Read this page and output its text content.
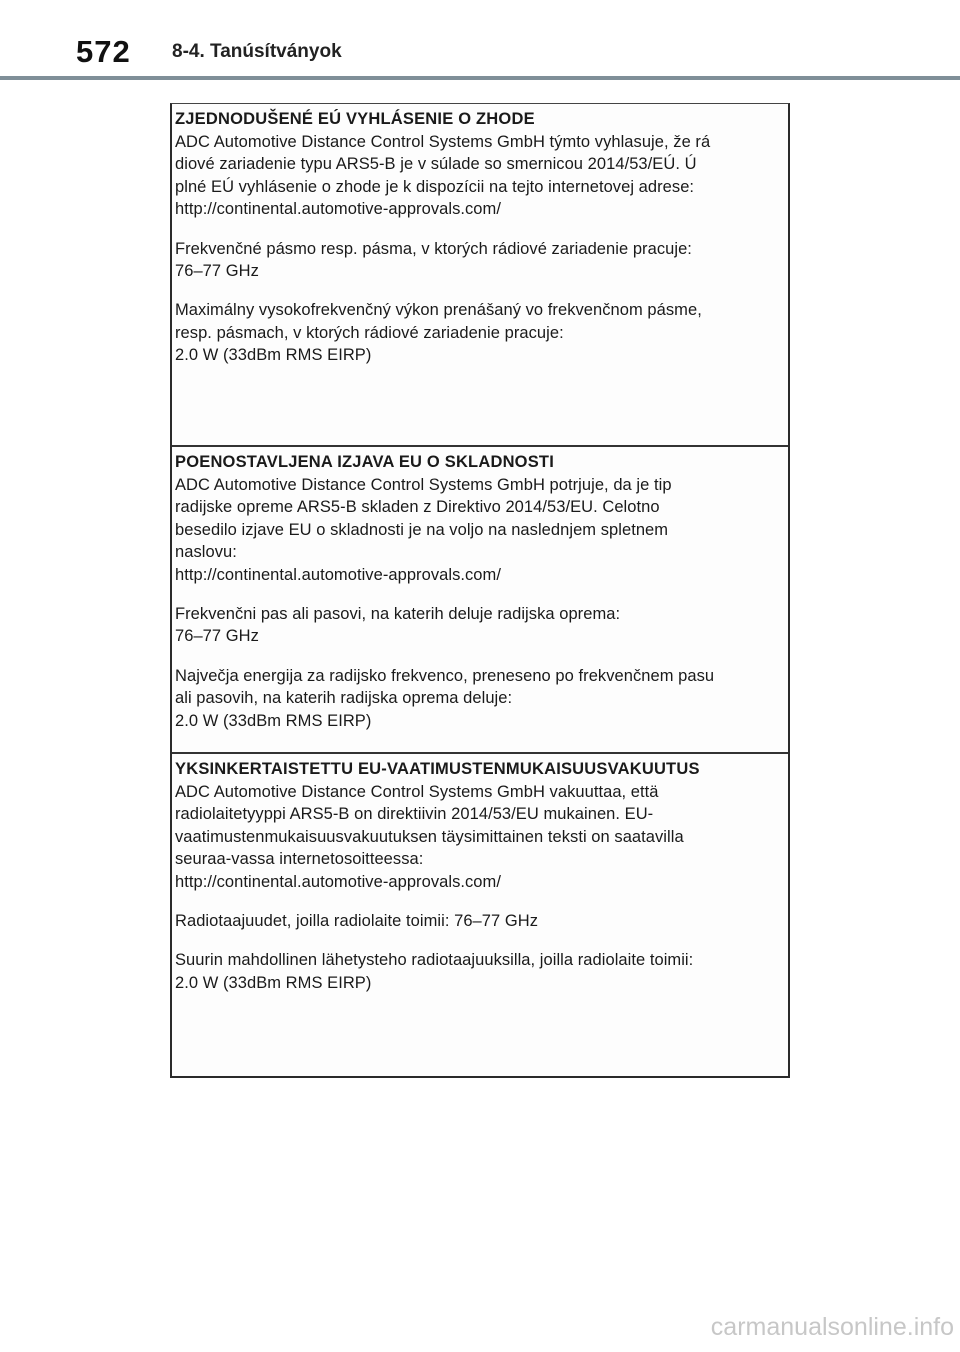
572 8-4. Tanúsítványok
ZJEDNODUŠENÉ EÚ VYHLÁSENIE O ZHODE
ADC Automotive Distance Control Systems GmbH týmto vyhlasuje, že rá
diové zariadenie typu ARS5-B je v súlade so smernicou 2014/53/EÚ. Ú
plné EÚ vyhlásenie o zhode je k dispozícii na tejto internetovej adrese:
http://continental.automotive-approvals.com/
Frekvenčné pásmo resp. pásma, v ktorých rádiové zariadenie pracuje:
76–77 GHz
Maximálny vysokofrekvenčný výkon prenášaný vo frekvenčnom pásme,
resp. pásmach, v ktorých rádiové zariadenie pracuje:
2.0 W (33dBm RMS EIRP)
POENOSTAVLJENA IZJAVA EU O SKLADNOSTI
ADC Automotive Distance Control Systems GmbH potrjuje, da je tip
radijske opreme ARS5-B skladen z Direktivo 2014/53/EU. Celotno
besedilo izjave EU o skladnosti je na voljo na naslednjem spletnem
naslovu:
http://continental.automotive-approvals.com/
Frekvenčni pas ali pasovi, na katerih deluje radijska oprema:
76–77 GHz
Največja energija za radijsko frekvenco, preneseno po frekvenčnem pasu
ali pasovih, na katerih radijska oprema deluje:
2.0 W (33dBm RMS EIRP)
YKSINKERTAISTETTU EU-VAATIMUSTENMUKAISUUSVAKUUTUS
ADC Automotive Distance Control Systems GmbH vakuuttaa, että
radiolaitetyyppi ARS5-B on direktiivin 2014/53/EU mukainen. EU-
vaatimustenmukaisuusvakuutuksen täysimittainen teksti on saatavilla
seuraa-vassa internetosoitteessa:
http://continental.automotive-approvals.com/
Radiotaajuudet, joilla radiolaite toimii: 76–77 GHz
Suurin mahdollinen lähetysteho radiotaajuuksilla, joilla radiolaite toimii:
2.0 W (33dBm RMS EIRP)
carmanualsonline.info
